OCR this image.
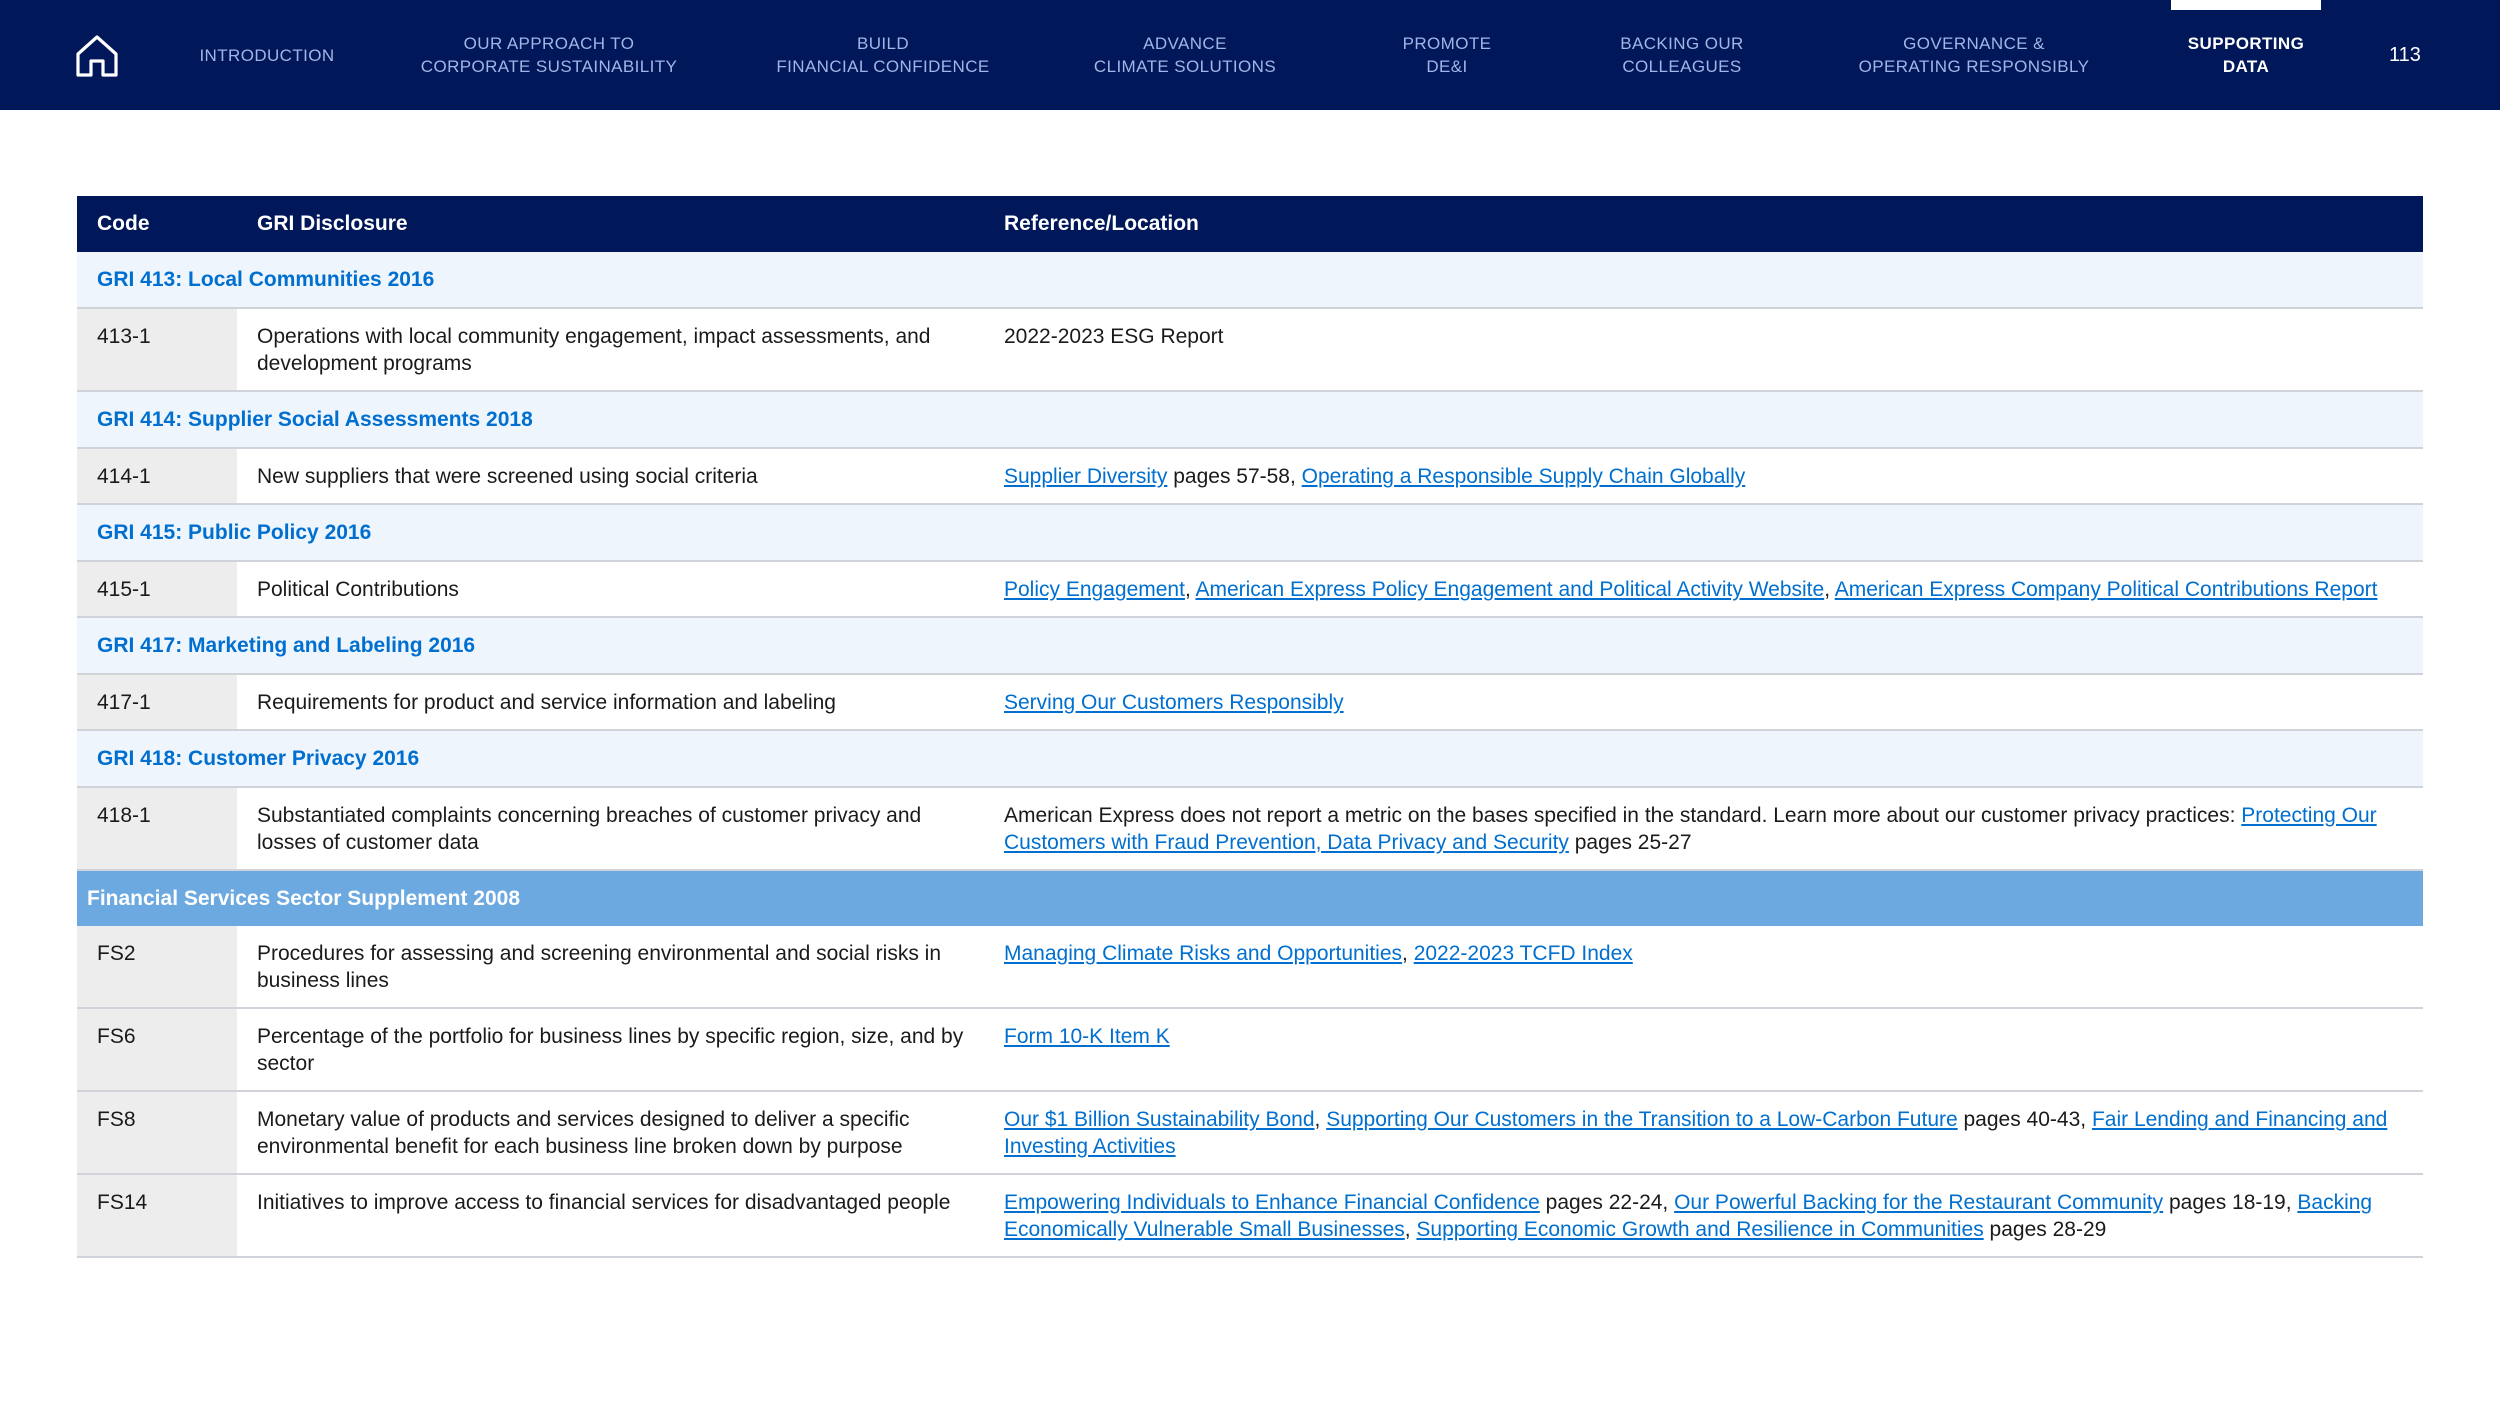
INTRODUCTION
OUR APPROACH TO
CORPORATE SUSTAINABILITY
BUILD
FINANCIAL CONFIDENCE
ADVANCE
CLIMATE SOLUTIONS
PROMOTE
DE&I
BACKING OUR
COLLEAGUES
GOVERNANCE &
OPERATING RESPONSIBLY
SUPPORTING
DATA
113
Code	GRI Disclosure	Reference/Location
GRI 413: Local Communities 2016		
413-1	Operations with local community engagement, impact assessments, and development programs	2022-2023 ESG Report
GRI 414: Supplier Social Assessments 2018		
414-1	New suppliers that were screened using social criteria	Supplier Diversity pages 57-58, Operating a Responsible Supply Chain Globally
GRI 415: Public Policy 2016		
415-1	Political Contributions	Policy Engagement, American Express Policy Engagement and Political Activity Website, American Express Company Political Contributions Report
GRI 417: Marketing and Labeling 2016		
417-1	Requirements for product and service information and labeling	Serving Our Customers Responsibly
GRI 418: Customer Privacy 2016		
418-1	Substantiated complaints concerning breaches of customer privacy and losses of customer data	American Express does not report a metric on the bases specified in the standard. Learn more about our customer privacy practices: Protecting Our Customers with Fraud Prevention, Data Privacy and Security pages 25-27
Financial Services Sector Supplement 2008		
FS2	Procedures for assessing and screening environmental and social risks in business lines	Managing Climate Risks and Opportunities, 2022-2023 TCFD Index
FS6	Percentage of the portfolio for business lines by specific region, size, and by sector	Form 10-K Item K
FS8	Monetary value of products and services designed to deliver a specific environmental benefit for each business line broken down by purpose	Our $1 Billion Sustainability Bond, Supporting Our Customers in the Transition to a Low-Carbon Future pages 40-43, Fair Lending and Financing and Investing Activities
FS14	Initiatives to improve access to financial services for disadvantaged people	Empowering Individuals to Enhance Financial Confidence pages 22-24, Our Powerful Backing for the Restaurant Community pages 18-19, Backing Economically Vulnerable Small Businesses, Supporting Economic Growth and Resilience in Communities pages 28-29
